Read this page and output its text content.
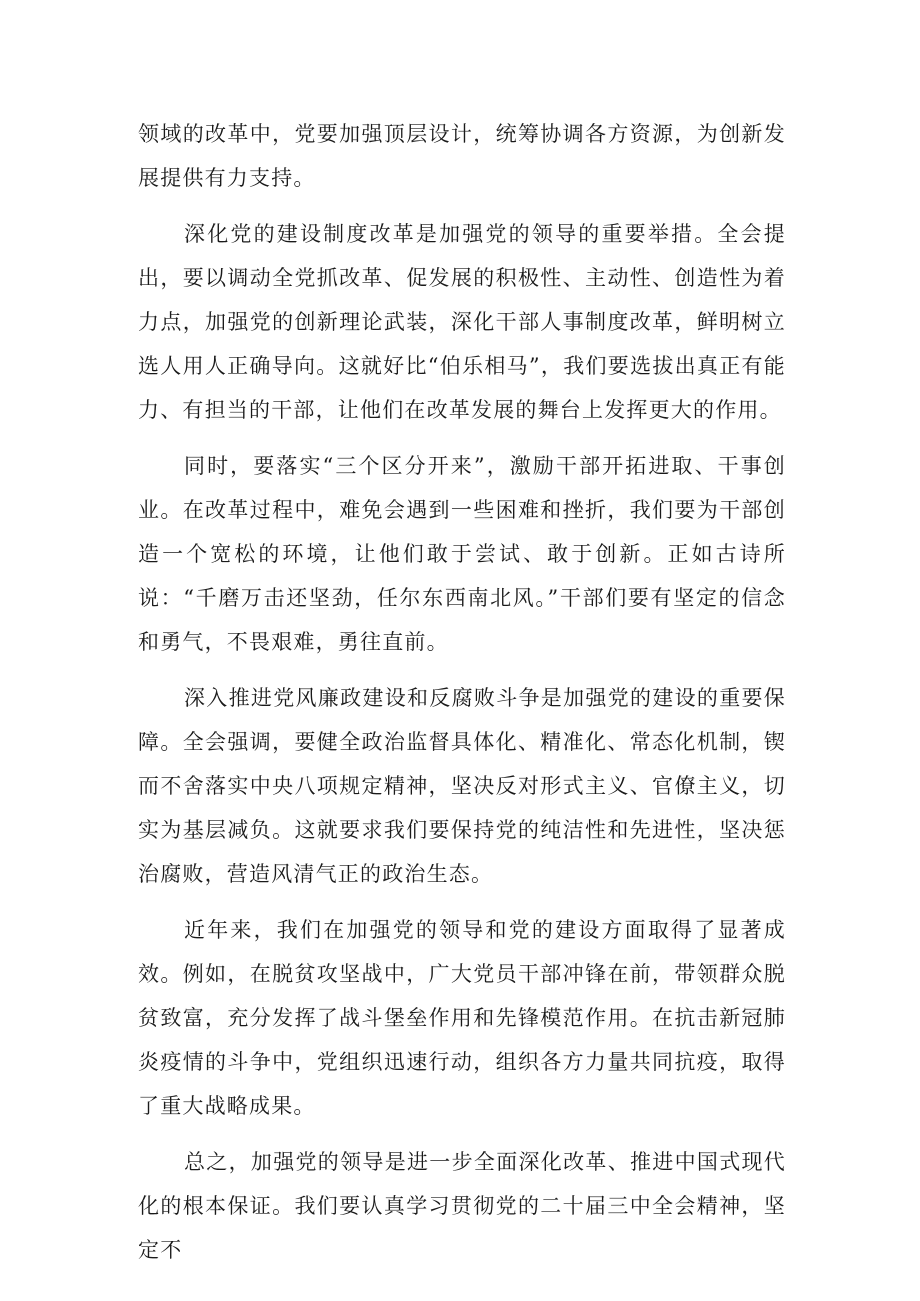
领域的改革中，党要加强顶层设计，统筹协调各方资源，为创新发展提供有力支持。

深化党的建设制度改革是加强党的领导的重要举措。全会提出，要以调动全党抓改革、促发展的积极性、主动性、创造性为着力点，加强党的创新理论武装，深化干部人事制度改革，鲜明树立选人用人正确导向。这就好比“伯乐相马”，我们要选拔出真正有能力、有担当的干部，让他们在改革发展的舞台上发挥更大的作用。

同时，要落实“三个区分开来”，激励干部开拓进取、干事创业。在改革过程中，难免会遇到一些困难和挫折，我们要为干部创造一个宽松的环境，让他们敢于尝试、敢于创新。正如古诗所说：“千磨万击还坚劲，任尔东西南北风。”干部们要有坚定的信念和勇气，不畏艰难，勇往直前。

深入推进党风廉政建设和反腐败斗争是加强党的建设的重要保障。全会强调，要健全政治监督具体化、精准化、常态化机制，锲而不舍落实中央八项规定精神，坚决反对形式主义、官僚主义，切实为基层减负。这就要求我们要保持党的纯洁性和先进性，坚决惩治腐败，营造风清气正的政治生态。

近年来，我们在加强党的领导和党的建设方面取得了显著成效。例如，在脱贫攻坚战中，广大党员干部冲锋在前，带领群众脱贫致富，充分发挥了战斗堡垒作用和先锋模范作用。在抗击新冠肺炎疫情的斗争中，党组织迅速行动，组织各方力量共同抗疫，取得了重大战略成果。

总之，加强党的领导是进一步全面深化改革、推进中国式现代化的根本保证。我们要认真学习贯彻党的二十届三中全会精神，坚定不
